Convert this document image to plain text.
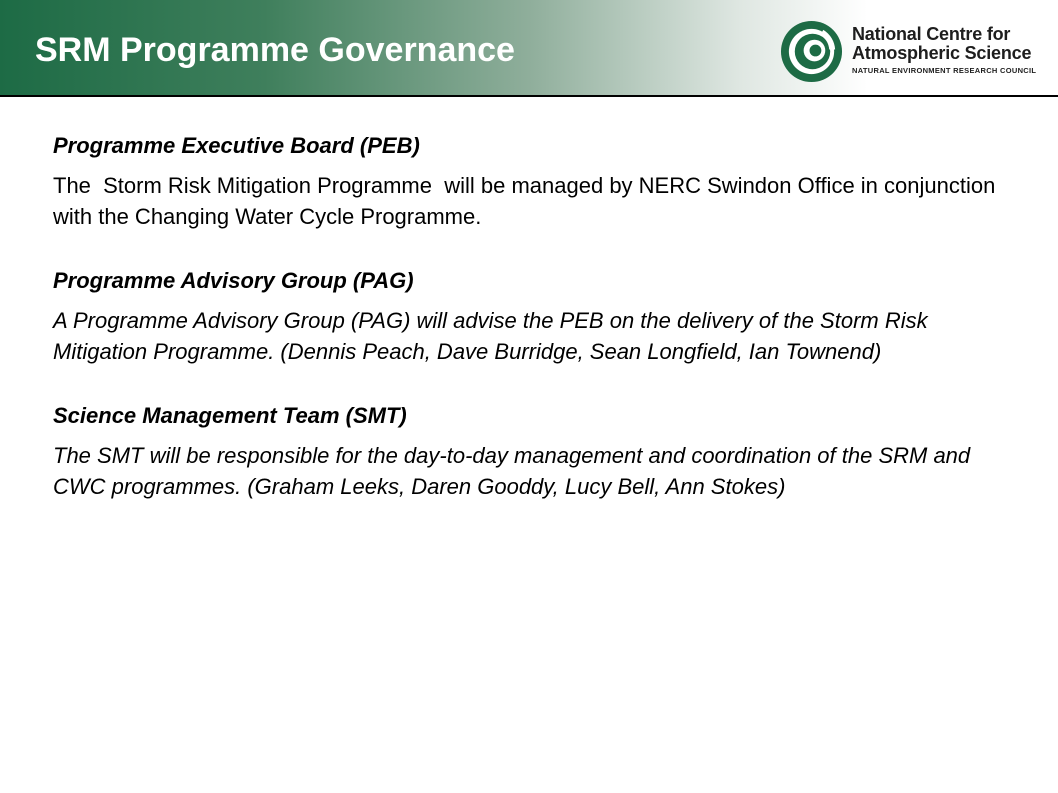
SRM Programme Governance	National Centre for
Atmospheric Science
NATURAL ENVIRONMENT RESEARCH COUNCIL

Programme Executive Board (PEB)

The  Storm Risk Mitigation Programme  will be managed by NERC Swindon Office in conjunction with the Changing Water Cycle Programme.

Programme Advisory Group (PAG)

A Programme Advisory Group (PAG) will advise the PEB on the delivery of the Storm Risk Mitigation Programme. (Dennis Peach, Dave Burridge, Sean Longfield, Ian Townend)

Science Management Team (SMT)

The SMT will be responsible for the day-to-day management and coordination of the SRM and CWC programmes. (Graham Leeks, Daren Gooddy, Lucy Bell, Ann Stokes)
